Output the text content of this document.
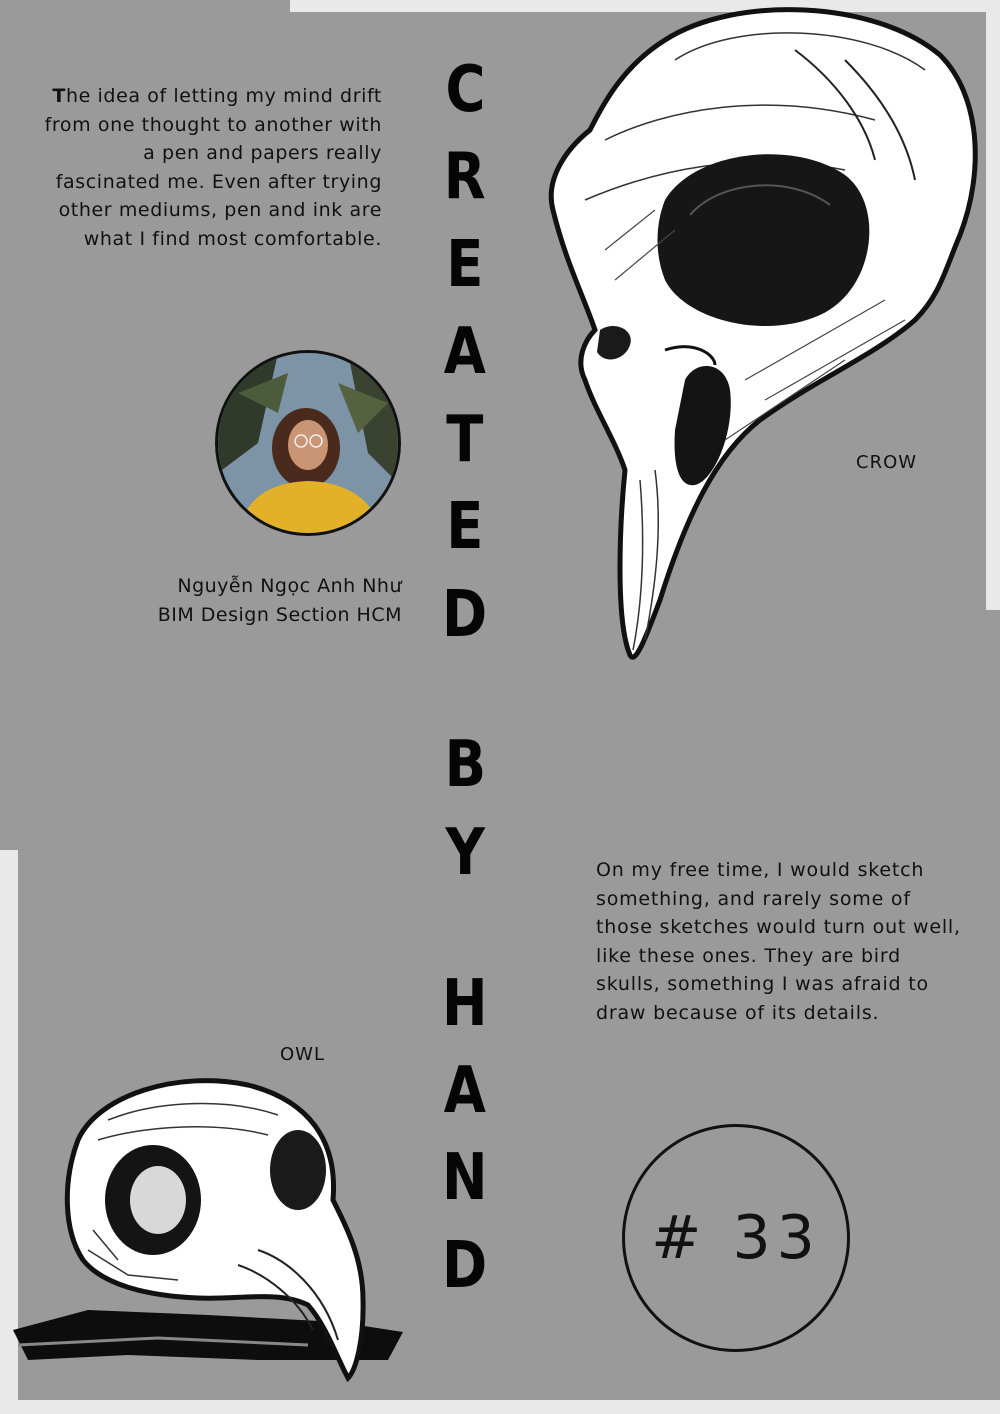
The idea of letting my mind drift from one thought to another with a pen and papers really fascinated me. Even after trying other mediums, pen and ink are what I find most comfortable.
Nguyễn Ngọc Anh Như
BIM Design Section HCM
C
R
E
A
T
E
D
B
Y
H
A
N
D
CROW
OWL
On my free time, I would sketch something, and rarely some of those sketches would turn out well, like these ones. They are bird skulls, something I was afraid to draw because of its details.
# 33
